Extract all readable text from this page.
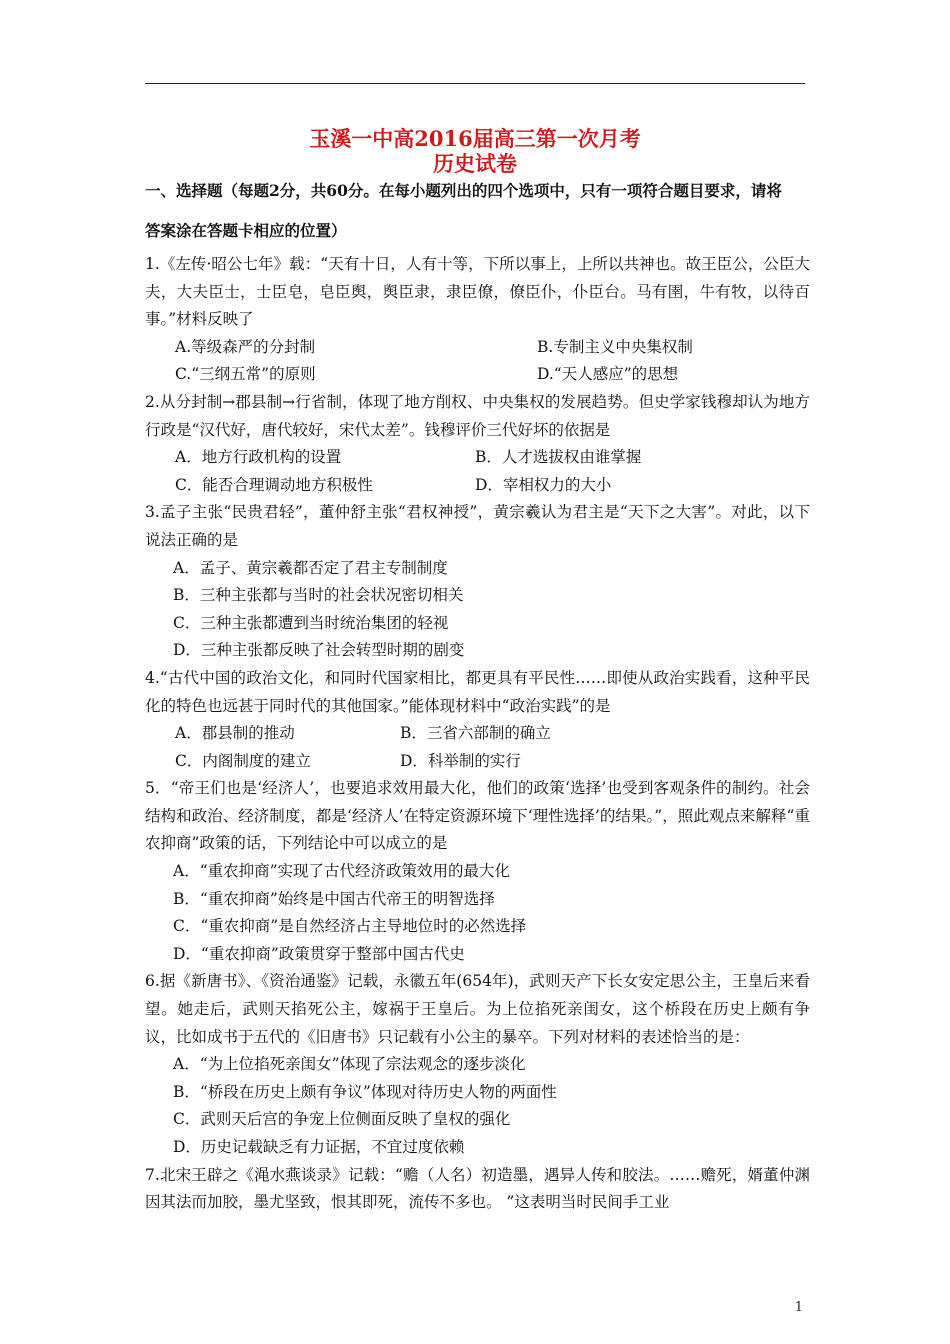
玉溪一中高2016届高三第一次月考
历史试卷
一、选择题（每题2分，共60分。在每小题列出的四个选项中，只有一项符合题目要求，请将
答案涂在答题卡相应的位置）

1.《左传·昭公七年》载：“天有十日，人有十等，下所以事上，上所以共神也。故王臣公，公臣大夫，大夫臣士，士臣皂，皂臣舆，舆臣隶，隶臣僚，僚臣仆，仆臣台。马有圉，牛有牧，以待百事。”材料反映了

A.等级森严的分封制	B.专制主义中央集权制
C.“三纲五常”的原则	D.“天人感应”的思想

2.从分封制→郡县制→行省制，体现了地方削权、中央集权的发展趋势。但史学家钱穆却认为地方行政是“汉代好，唐代较好，宋代太差”。钱穆评价三代好坏的依据是

A．地方行政机构的设置	B．人才选拔权由谁掌握
C．能否合理调动地方积极性	D．宰相权力的大小

3.孟子主张“民贵君轻”，董仲舒主张“君权神授”，黄宗羲认为君主是“天下之大害”。对此，以下说法正确的是

A．孟子、黄宗羲都否定了君主专制制度
B．三种主张都与当时的社会状况密切相关
C．三种主张都遭到当时统治集团的轻视
D．三种主张都反映了社会转型时期的剧变

4.“古代中国的政治文化，和同时代国家相比，都更具有平民性……即使从政治实践看，这种平民化的特色也远甚于同时代的其他国家。”能体现材料中“政治实践”的是

A．郡县制的推动	B．三省六部制的确立
C．内阁制度的建立	D．科举制的实行

5．“帝王们也是‘经济人’，也要追求效用最大化，他们的政策‘选择’也受到客观条件的制约。社会结构和政治、经济制度，都是‘经济人’在特定资源环境下‘理性选择’的结果。”，照此观点来解释“重农抑商”政策的话，下列结论中可以成立的是

A．“重农抑商”实现了古代经济政策效用的最大化
B．“重农抑商”始终是中国古代帝王的明智选择
C．“重农抑商”是自然经济占主导地位时的必然选择
D．“重农抑商”政策贯穿于整部中国古代史

6.据《新唐书》、《资治通鉴》记载，永徽五年(654年)，武则天产下长女安定思公主，王皇后来看望。她走后，武则天掐死公主，嫁祸于王皇后。为上位掐死亲闺女，这个桥段在历史上颇有争议，比如成书于五代的《旧唐书》只记载有小公主的暴卒。下列对材料的表述恰当的是：

A．“为上位掐死亲闺女”体现了宗法观念的逐步淡化
B．“桥段在历史上颇有争议”体现对待历史人物的两面性
C．武则天后宫的争宠上位侧面反映了皇权的强化
D．历史记载缺乏有力证据，不宜过度依赖

7.北宋王辟之《渑水燕谈录》记载：“赡（人名）初造墨，遇异人传和胶法。……赡死，婿董仲渊因其法而加胶，墨尤坚致，恨其即死，流传不多也。 ”这表明当时民间手工业

1
